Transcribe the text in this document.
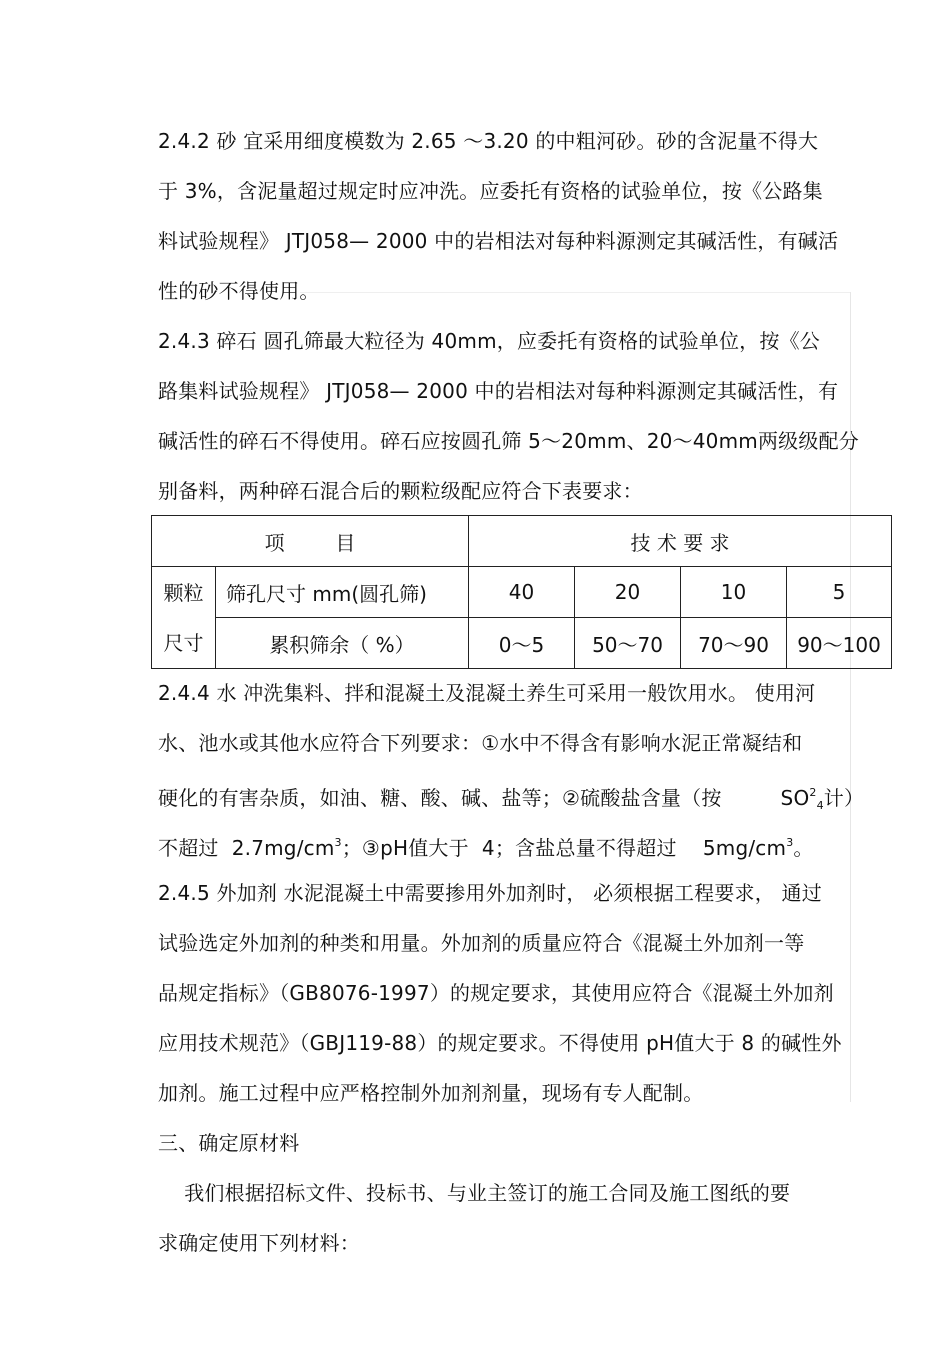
2.4.2 砂 宜采用细度模数为 2.65 ～3.20 的中粗河砂。砂的含泥量不得大
于 3%，含泥量超过规定时应冲洗。应委托有资格的试验单位，按《公路集
料试验规程》 JTJ058— 2000 中的岩相法对每种料源测定其碱活性，有碱活
性的砂不得使用。
2.4.3 碎石 圆孔筛最大粒径为 40mm，应委托有资格的试验单位，按《公
路集料试验规程》 JTJ058— 2000 中的岩相法对每种料源测定其碱活性，有
碱活性的碎石不得使用。碎石应按圆孔筛 5～20mm、20～40mm两级级配分
别备料，两种碎石混合后的颗粒级配应符合下表要求：
项        目		技 术 要 求			

颗粒
尺寸	筛孔尺寸 mm(圆孔筛)	40	20	10	5
	累积筛余（ %）	0～5	50～70	70～90	90～100
2.4.4 水 冲洗集料、拌和混凝土及混凝土养生可采用一般饮用水。 使用河
水、池水或其他水应符合下列要求：①水中不得含有影响水泥正常凝结和
硬化的有害杂质，如油、糖、酸、碱、盐等；②硫酸盐含量（按         $SO^2_4$计）
不超过  $2.7mg/cm^3$；③pH值大于  4；含盐总量不得超过    $5mg/cm^3$。
2.4.5 外加剂 水泥混凝土中需要掺用外加剂时， 必须根据工程要求， 通过
试验选定外加剂的种类和用量。外加剂的质量应符合《混凝土外加剂一等
品规定指标》（GB8076-1997）的规定要求，其使用应符合《混凝土外加剂
应用技术规范》（GBJ119-88）的规定要求。不得使用 pH值大于 8 的碱性外
加剂。施工过程中应严格控制外加剂剂量，现场有专人配制。
三、确定原材料
我们根据招标文件、投标书、与业主签订的施工合同及施工图纸的要
求确定使用下列材料：
